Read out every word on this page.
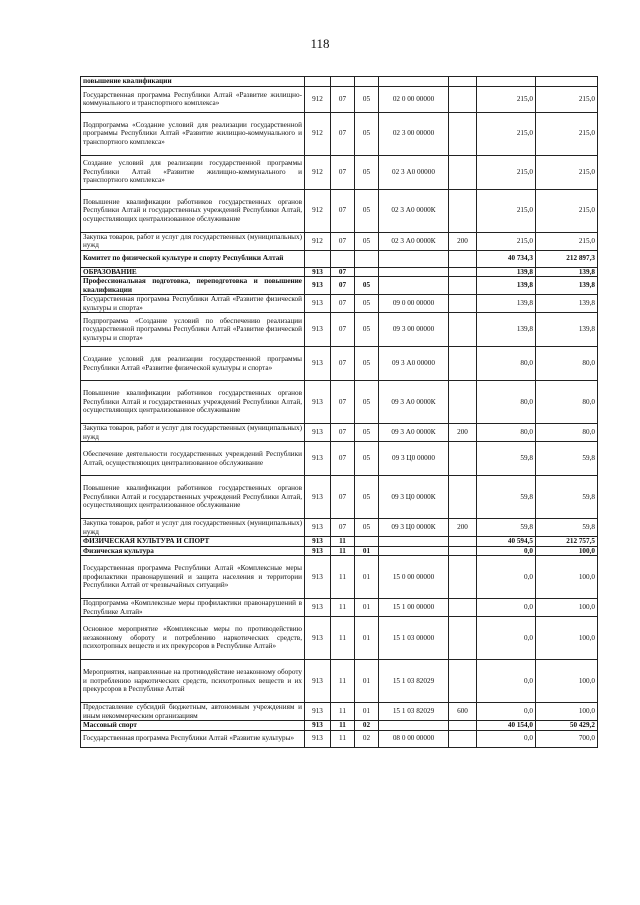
118
повышение квалификации							
Государственная программа Республики Алтай «Развитие жилищно-коммунального и транспортного комплекса»	912	07	05	02 0 00 00000		215,0	215,0
Подпрограмма «Создание условий для реализации государственной программы Республики Алтай «Развитие жилищно-коммунального и транспортного комплекса»	912	07	05	02 3 00 00000		215,0	215,0
Создание условий для реализации государственной программы Республики Алтай «Развитие жилищно-коммунального и транспортного комплекса»	912	07	05	02 3 А0 00000		215,0	215,0
Повышение квалификации работников государственных органов Республики Алтай и государственных учреждений Республики Алтай, осуществляющих централизованное обслуживание	912	07	05	02 3 А0 0000К		215,0	215,0
Закупка товаров, работ и услуг для государственных (муниципальных) нужд	912	07	05	02 3 А0 0000К	200	215,0	215,0
Комитет по физической культуре и спорту Республики Алтай						40 734,3	212 897,3
ОБРАЗОВАНИЕ	913	07				139,8	139,8
Профессиональная подготовка, переподготовка и повышение квалификации	913	07	05			139,8	139,8
Государственная программа Республики Алтай «Развитие физической культуры и спорта»	913	07	05	09 0 00 00000		139,8	139,8
Подпрограмма «Создание условий по обеспечению реализации государственной программы Республики Алтай «Развитие физической культуры и спорта»	913	07	05	09 3 00 00000		139,8	139,8
Создание условий для реализации государственной программы Республики Алтай «Развитие физической культуры и спорта»	913	07	05	09 3 А0 00000		80,0	80,0
Повышение квалификации работников государственных органов Республики Алтай и государственных учреждений Республики Алтай, осуществляющих централизованное обслуживание	913	07	05	09 3 А0 0000К		80,0	80,0
Закупка товаров, работ и услуг для государственных (муниципальных) нужд	913	07	05	09 3 А0 0000К	200	80,0	80,0
Обеспечение деятельности государственных учреждений Республики Алтай, осуществляющих централизованное обслуживание	913	07	05	09 3 Ц0 00000		59,8	59,8
Повышение квалификации работников государственных органов Республики Алтай и государственных учреждений Республики Алтай, осуществляющих централизованное обслуживание	913	07	05	09 3 Ц0 0000К		59,8	59,8
Закупка товаров, работ и услуг для государственных (муниципальных) нужд	913	07	05	09 3 Ц0 0000К	200	59,8	59,8
ФИЗИЧЕСКАЯ КУЛЬТУРА И СПОРТ	913	11				40 594,5	212 757,5
Физическая культура	913	11	01			0,0	100,0
Государственная программа Республики Алтай «Комплексные меры профилактики правонарушений и защита населения и территории Республики Алтай от чрезвычайных ситуаций»	913	11	01	15 0 00 00000		0,0	100,0
Подпрограмма «Комплексные меры профилактики правонарушений в Республике Алтай»	913	11	01	15 1 00 00000		0,0	100,0
Основное мероприятие «Комплексные меры по противодействию незаконному обороту и потреблению наркотических средств, психотропных веществ и их прекурсоров в Республике Алтай»	913	11	01	15 1 03 00000		0,0	100,0
Мероприятия, направленные на противодействие незаконному обороту и потреблению наркотических средств, психотропных веществ и их прекурсоров в Республике Алтай	913	11	01	15 1 03 82029		0,0	100,0
Предоставление субсидий бюджетным, автономным учреждениям и иным некоммерческим организациям	913	11	01	15 1 03 82029	600	0,0	100,0
Массовый спорт	913	11	02			40 154,0	50 429,2
Государственная программа Республики Алтай «Развитие культуры»	913	11	02	08 0 00 00000		0,0	700,0
